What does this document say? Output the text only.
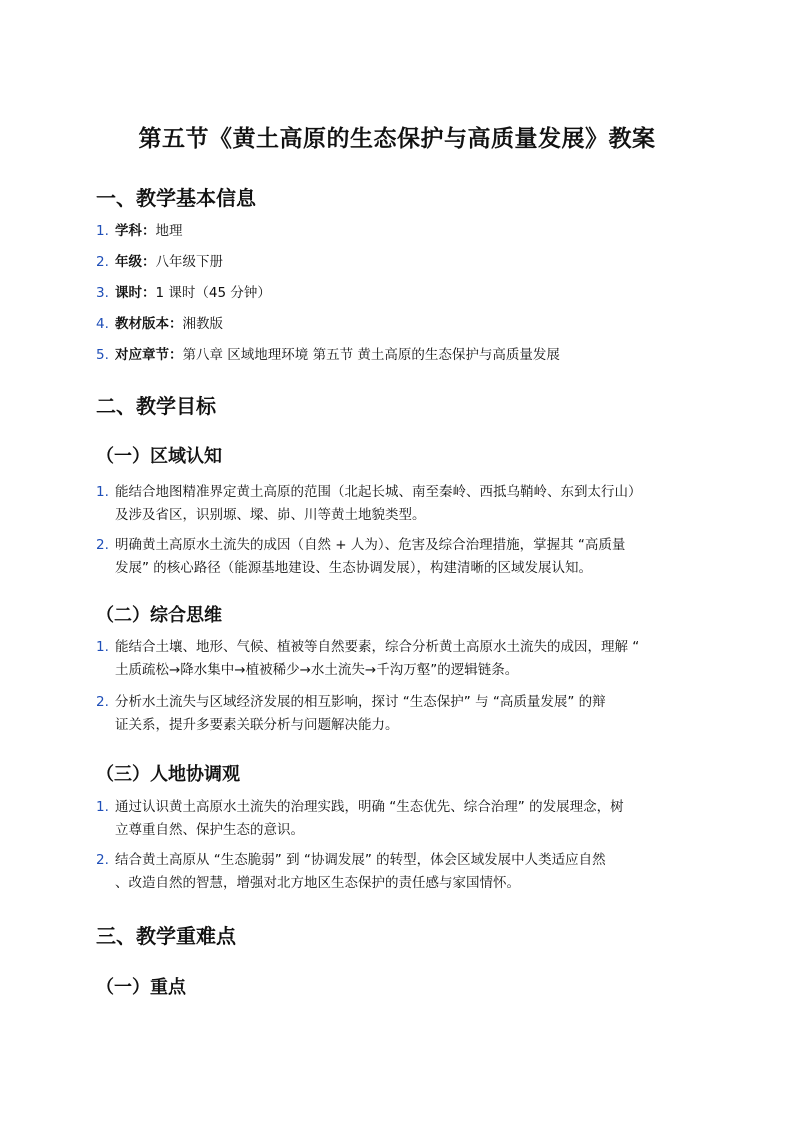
第五节《黄土高原的生态保护与高质量发展》教案
一、教学基本信息
1. 学科：地理
2. 年级：八年级下册
3. 课时：1 课时（45 分钟）
4. 教材版本：湘教版
5. 对应章节：第八章 区域地理环境 第五节 黄土高原的生态保护与高质量发展
二、教学目标
（一）区域认知
1. 能结合地图精准界定黄土高原的范围（北起长城、南至秦岭、西抵乌鞘岭、东到太行山）
及涉及省区，识别塬、墚、峁、川等黄土地貌类型。
2. 明确黄土高原水土流失的成因（自然 + 人为）、危害及综合治理措施，掌握其 “高质量
发展” 的核心路径（能源基地建设、生态协调发展），构建清晰的区域发展认知。
（二）综合思维
1. 能结合土壤、地形、气候、植被等自然要素，综合分析黄土高原水土流失的成因，理解 “
土质疏松→降水集中→植被稀少→水土流失→千沟万壑”的逻辑链条。
2. 分析水土流失与区域经济发展的相互影响，探讨 “生态保护” 与 “高质量发展” 的辩
证关系，提升多要素关联分析与问题解决能力。
（三）人地协调观
1. 通过认识黄土高原水土流失的治理实践，明确 “生态优先、综合治理” 的发展理念，树
立尊重自然、保护生态的意识。
2. 结合黄土高原从 “生态脆弱” 到 “协调发展” 的转型，体会区域发展中人类适应自然
、改造自然的智慧，增强对北方地区生态保护的责任感与家国情怀。
三、教学重难点
（一）重点
